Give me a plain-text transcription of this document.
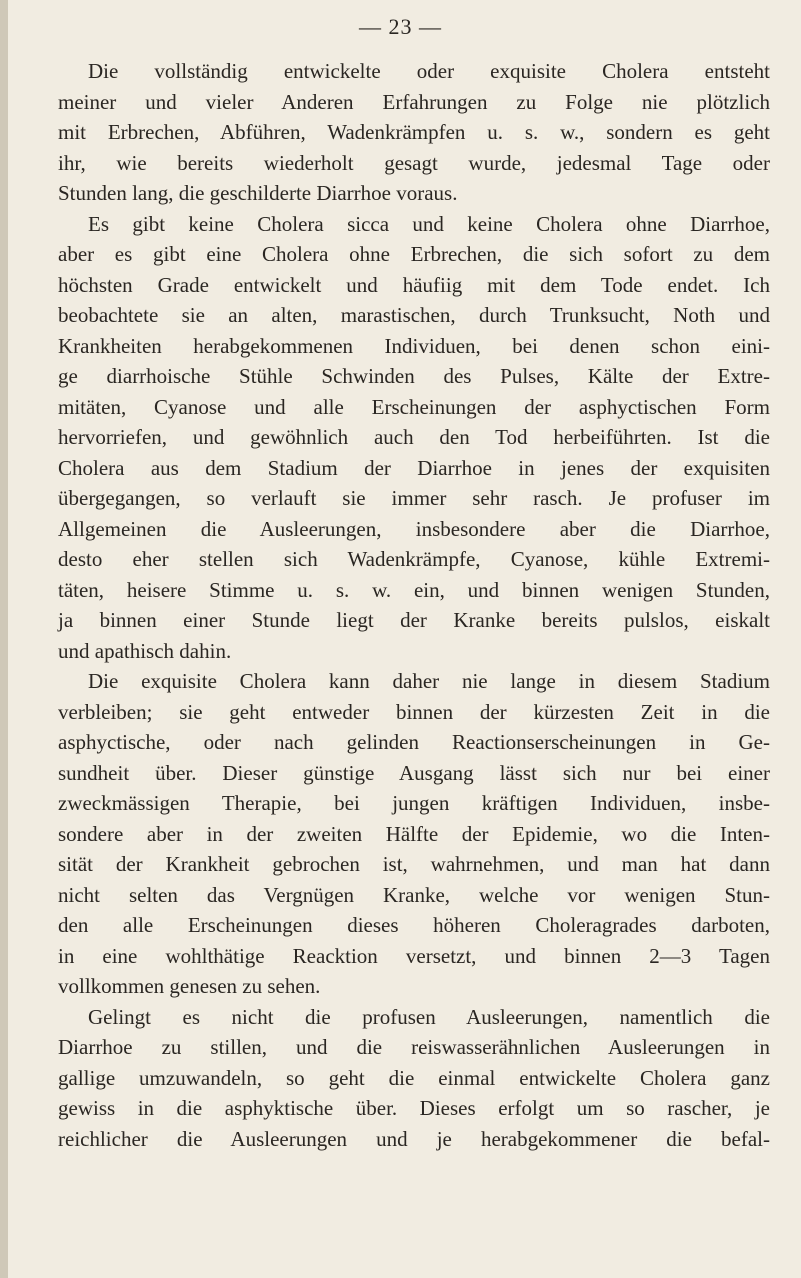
— 23 —
Die vollständig entwickelte oder exquisite Cholera entsteht
meiner und vieler Anderen Erfahrungen zu Folge nie plötzlich
mit Erbrechen, Abführen, Wadenkrämpfen u. s. w., sondern es geht
ihr, wie bereits wiederholt gesagt wurde, jedesmal Tage oder
Stunden lang, die geschilderte Diarrhoe voraus.
Es gibt keine Cholera sicca und keine Cholera ohne Diarrhoe,
aber es gibt eine Cholera ohne Erbrechen, die sich sofort zu dem
höchsten Grade entwickelt und häufiig mit dem Tode endet. Ich
beobachtete sie an alten, marastischen, durch Trunksucht, Noth und
Krankheiten herabgekommenen Individuen, bei denen schon eini-
ge diarrhoische Stühle Schwinden des Pulses, Kälte der Extre-
mitäten, Cyanose und alle Erscheinungen der asphyctischen Form
hervorriefen, und gewöhnlich auch den Tod herbeiführten. Ist die
Cholera aus dem Stadium der Diarrhoe in jenes der exquisiten
übergegangen, so verlauft sie immer sehr rasch. Je profuser im
Allgemeinen die Ausleerungen, insbesondere aber die Diarrhoe,
desto eher stellen sich Wadenkrämpfe, Cyanose, kühle Extremi-
täten, heisere Stimme u. s. w. ein, und binnen wenigen Stunden,
ja binnen einer Stunde liegt der Kranke bereits pulslos, eiskalt
und apathisch dahin.
Die exquisite Cholera kann daher nie lange in diesem Stadium
verbleiben; sie geht entweder binnen der kürzesten Zeit in die
asphyctische, oder nach gelinden Reactionserscheinungen in Ge-
sundheit über. Dieser günstige Ausgang lässt sich nur bei einer
zweckmässigen Therapie, bei jungen kräftigen Individuen, insbe-
sondere aber in der zweiten Hälfte der Epidemie, wo die Inten-
sität der Krankheit gebrochen ist, wahrnehmen, und man hat dann
nicht selten das Vergnügen Kranke, welche vor wenigen Stun-
den alle Erscheinungen dieses höheren Choleragrades darboten,
in eine wohlthätige Reacktion versetzt, und binnen 2—3 Tagen
vollkommen genesen zu sehen.
Gelingt es nicht die profusen Ausleerungen, namentlich die
Diarrhoe zu stillen, und die reiswasserähnlichen Ausleerungen in
gallige umzuwandeln, so geht die einmal entwickelte Cholera ganz
gewiss in die asphyktische über. Dieses erfolgt um so rascher, je
reichlicher die Ausleerungen und je herabgekommener die befal-
